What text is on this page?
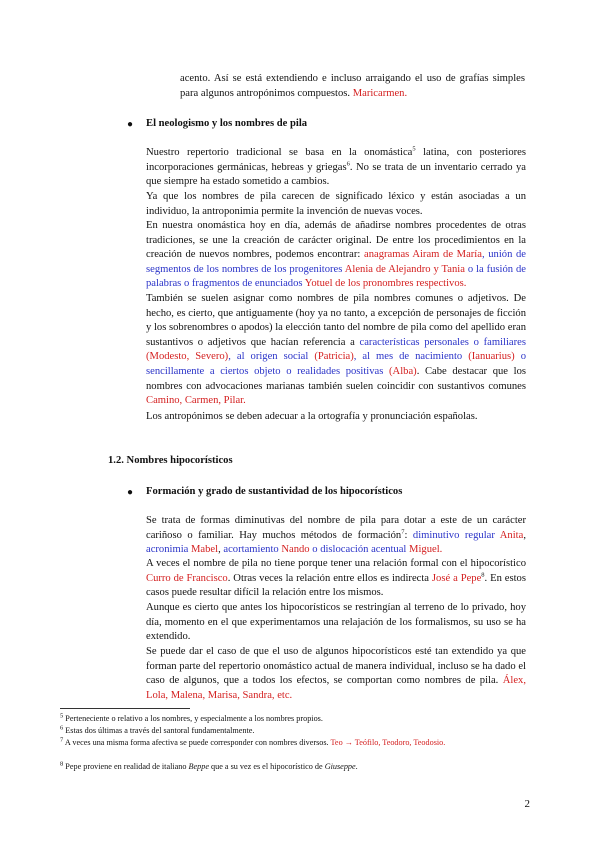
acento. Así se está extendiendo e incluso arraigando el uso de grafías simples para algunos antropónimos compuestos. Maricarmen.
● El neologismo y los nombres de pila
Nuestro repertorio tradicional se basa en la onomástica$^5$ latina, con posteriores incorporaciones germánicas, hebreas y griegas$^6$. No se trata de un inventario cerrado ya que siempre ha estado sometido a cambios.
Ya que los nombres de pila carecen de significado léxico y están asociadas a un individuo, la antroponimia permite la invención de nuevas voces.
En nuestra onomástica hoy en día, además de añadirse nombres procedentes de otras tradiciones, se une la creación de carácter original. De entre los procedimientos en la creación de nuevos nombres, podemos encontrar: anagramas Airam de María, unión de segmentos de los nombres de los progenitores Alenia de Alejandro y Tania o la fusión de palabras o fragmentos de enunciados Yotuel de los pronombres respectivos.
También se suelen asignar como nombres de pila nombres comunes o adjetivos. De hecho, es cierto, que antiguamente (hoy ya no tanto, a excepción de personajes de ficción y los sobrenombres o apodos) la elección tanto del nombre de pila como del apellido eran sustantivos o adjetivos que hacían referencia a características personales o familiares (Modesto, Severo), al origen social (Patricia), al mes de nacimiento (Ianuarius) o sencillamente a ciertos objeto o realidades positivas (Alba). Cabe destacar que los nombres con advocaciones marianas también suelen coincidir con sustantivos comunes Camino, Carmen, Pilar.
Los antropónimos se deben adecuar a la ortografía y pronunciación españolas.
1.2. Nombres hipocorísticos
● Formación y grado de sustantividad de los hipocorísticos
Se trata de formas diminutivas del nombre de pila para dotar a este de un carácter cariñoso o familiar. Hay muchos métodos de formación$^7$: diminutivo regular Anita, acronimia Mabel, acortamiento Nando o dislocación acentual Miguel.
A veces el nombre de pila no tiene porque tener una relación formal con el hipocorístico Curro de Francisco. Otras veces la relación entre ellos es indirecta José a Pepe$^8$. En estos casos puede resultar difícil la relación entre los mismos.
Aunque es cierto que antes los hipocorísticos se restringían al terreno de lo privado, hoy día, momento en el que experimentamos una relajación de los formalismos, su uso se ha extendido.
Se puede dar el caso de que el uso de algunos hipocorísticos esté tan extendido ya que forman parte del repertorio onomástico actual de manera individual, incluso se ha dado el caso de algunos, que a todos los efectos, se comportan como nombres de pila. Álex, Lola, Malena, Marisa, Sandra, etc.
$^5$ Perteneciente o relativo a los nombres, y especialmente a los nombres propios.
$^6$ Estas dos últimas a través del santoral fundamentalmente.
$^7$ A veces una misma forma afectiva se puede corresponder con nombres diversos. Teo → Teófilo, Teodoro, Teodosio.
$^8$ Pepe proviene en realidad de italiano Beppe que a su vez es el hipocorístico de Giuseppe.
2
